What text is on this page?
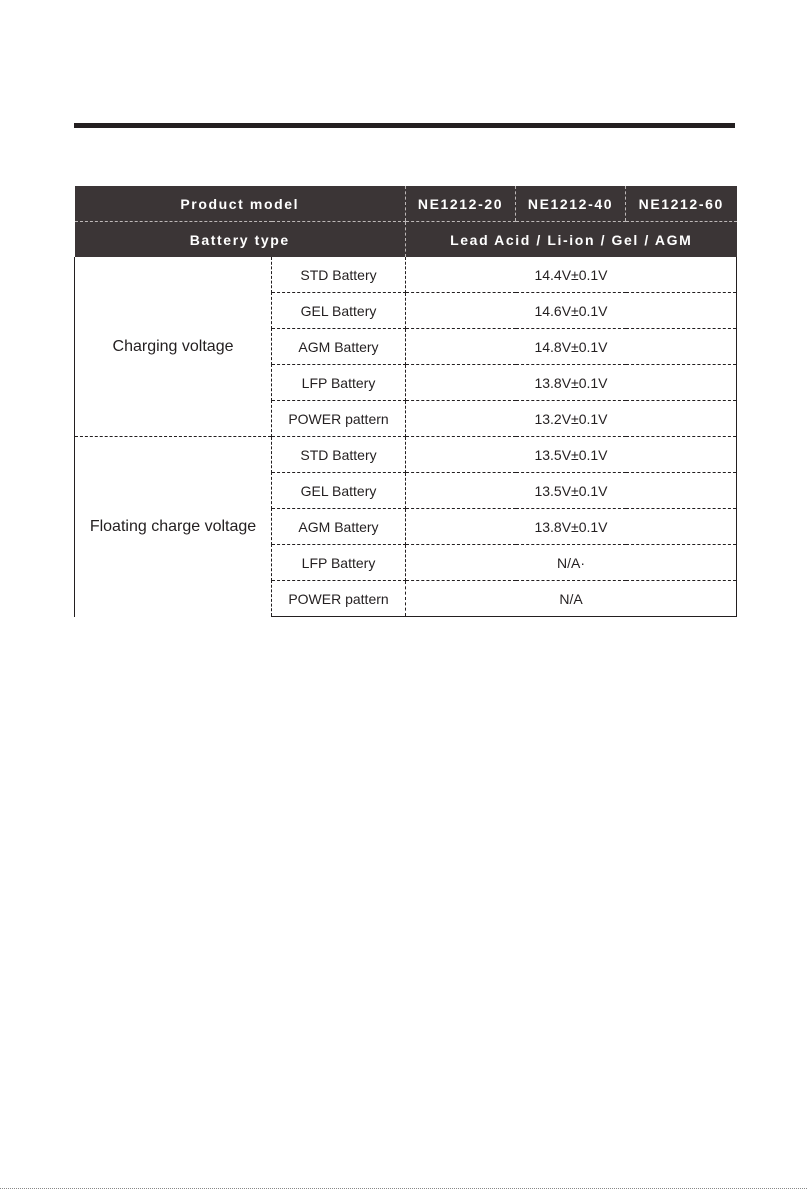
Product model		NE1212-20	NE1212-40	NE1212-60
Battery type		Lead Acid / Li-ion / Gel / AGM		
Charging voltage	STD Battery	14.4V±0.1V		
	GEL Battery	14.6V±0.1V		
	AGM Battery	14.8V±0.1V		
	LFP Battery	13.8V±0.1V		
	POWER pattern	13.2V±0.1V		
Floating charge voltage	STD Battery	13.5V±0.1V		
	GEL Battery	13.5V±0.1V		
	AGM Battery	13.8V±0.1V		
	LFP Battery	N/A·		
	POWER pattern	N/A		
